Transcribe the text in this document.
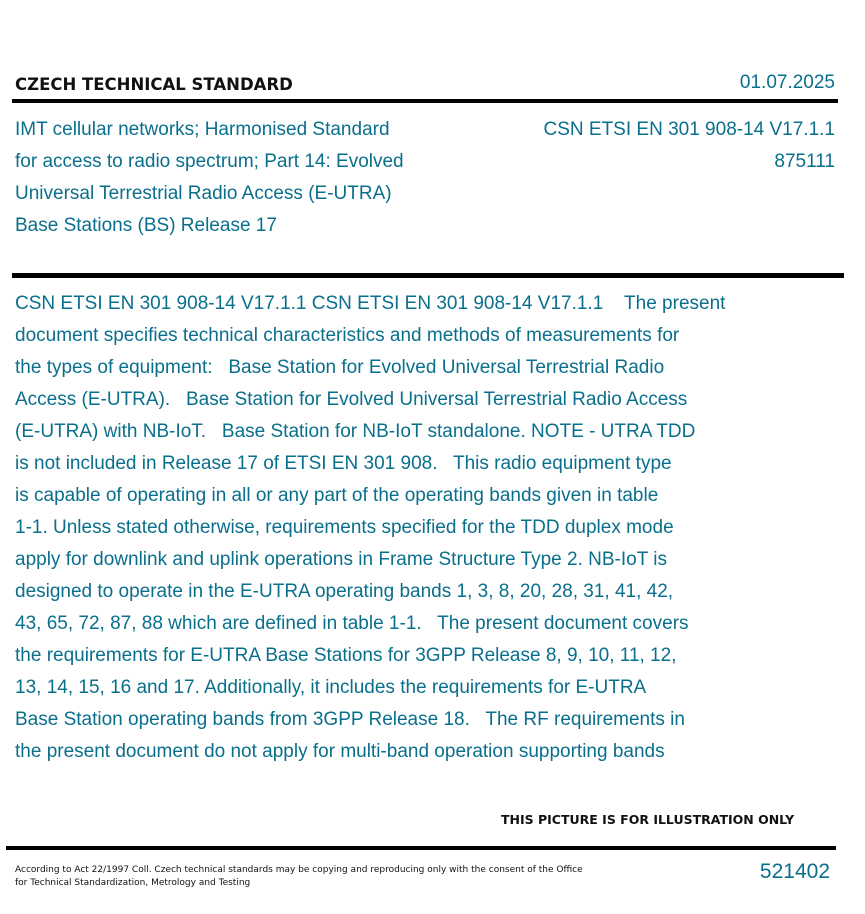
CZECH TECHNICAL STANDARD	01.07.2025
IMT cellular networks; Harmonised Standard
for access to radio spectrum; Part 14: Evolved
Universal Terrestrial Radio Access (E-UTRA)
Base Stations (BS) Release 17
CSN ETSI EN 301 908-14 V17.1.1
875111
CSN ETSI EN 301 908-14 V17.1.1 CSN ETSI EN 301 908-14 V17.1.1    The present
document specifies technical characteristics and methods of measurements for
the types of equipment:   Base Station for Evolved Universal Terrestrial Radio
Access (E-UTRA).   Base Station for Evolved Universal Terrestrial Radio Access
(E-UTRA) with NB-IoT.   Base Station for NB-IoT standalone. NOTE - UTRA TDD
is not included in Release 17 of ETSI EN 301 908.   This radio equipment type
is capable of operating in all or any part of the operating bands given in table
1-1. Unless stated otherwise, requirements specified for the TDD duplex mode
apply for downlink and uplink operations in Frame Structure Type 2. NB-IoT is
designed to operate in the E-UTRA operating bands 1, 3, 8, 20, 28, 31, 41, 42,
43, 65, 72, 87, 88 which are defined in table 1-1.   The present document covers
the requirements for E-UTRA Base Stations for 3GPP Release 8, 9, 10, 11, 12,
13, 14, 15, 16 and 17. Additionally, it includes the requirements for E-UTRA
Base Station operating bands from 3GPP Release 18.   The RF requirements in
the present document do not apply for multi-band operation supporting bands
THIS PICTURE IS FOR ILLUSTRATION ONLY
According to Act 22/1997 Coll. Czech technical standards may be copying and reproducing only with the consent of the Office
for Technical Standardization, Metrology and Testing	521402
